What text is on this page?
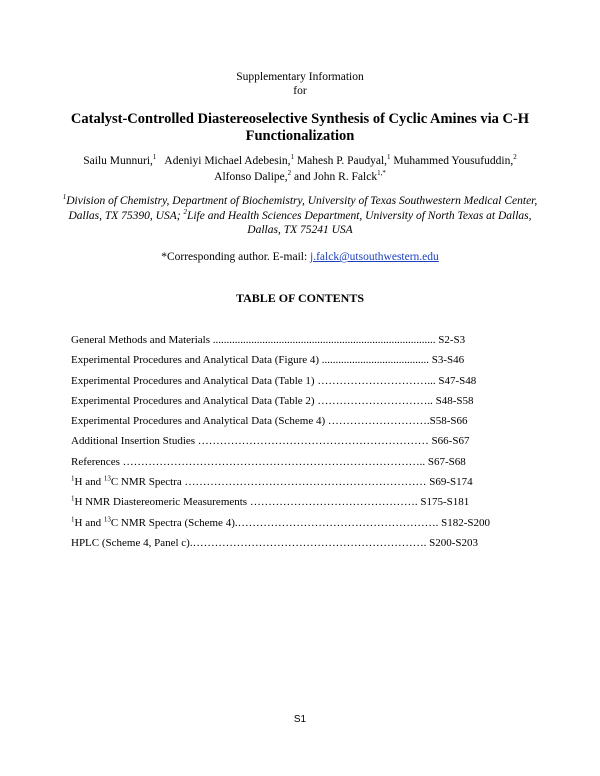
Supplementary Information
for
Catalyst-Controlled Diastereoselective Synthesis of Cyclic Amines via C-H Functionalization
Sailu Munnuri,$^1$ Adeniyi Michael Adebesin,$^1$ Mahesh P. Paudyal,$^1$ Muhammed Yousufuddin,$^2$
Alfonso Dalipe,$^2$ and John R. Falck$^{1,*}$
$^1$Division of Chemistry, Department of Biochemistry, University of Texas Southwestern Medical Center, Dallas, TX 75390, USA; $^2$Life and Health Sciences Department, University of North Texas at Dallas, Dallas, TX 75241 USA
*Corresponding author. E-mail: j.falck@utsouthwestern.edu
TABLE OF CONTENTS
General Methods and Materials ................................................................................. S2-S3
Experimental Procedures and Analytical Data (Figure 4) ....................................... S3-S46
Experimental Procedures and Analytical Data (Table 1) …………………………... S47-S48
Experimental Procedures and Analytical Data (Table 2) ………………………….. S48-S58
Experimental Procedures and Analytical Data (Scheme 4) ……………………….S58-S66
Additional Insertion Studies ……………………………………………………… S66-S67
References ……………………………………………………………………….. S67-S68
$^1$H and $^{13}$C NMR Spectra ………………………………………………………… S69-S174
$^1$H NMR Diastereomeric Measurements ………………………………………. S175-S181
$^1$H and $^{13}$C NMR Spectra (Scheme 4).………………………………………………. S182-S200
HPLC (Scheme 4, Panel c).………………………………………………………. S200-S203
S1
